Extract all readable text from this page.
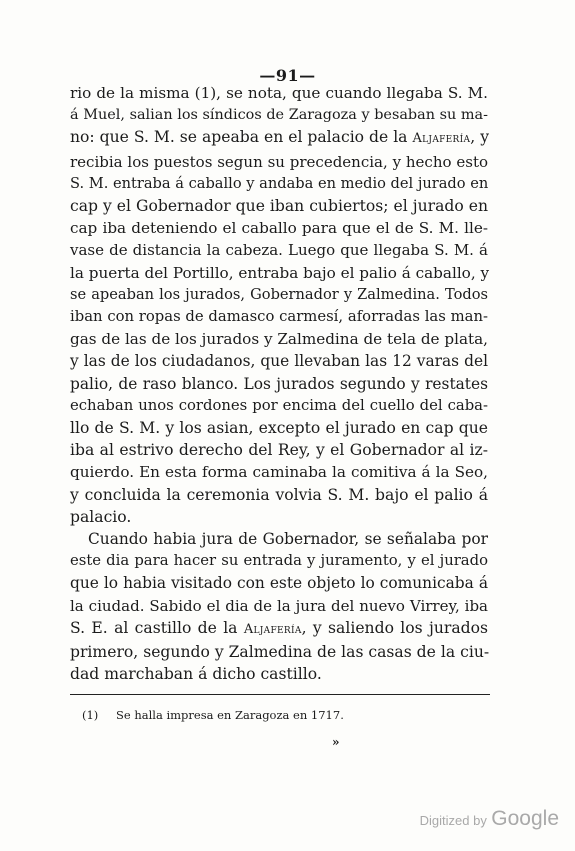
—91—
rio de la misma (1), se nota, que cuando llegaba S. M.
á Muel, salian los síndicos de Zaragoza y besaban su ma-
no: que S. M. se apeaba en el palacio de la Aljafería, y
recibia los puestos segun su precedencia, y hecho esto
S. M. entraba á caballo y andaba en medio del jurado en
cap y el Gobernador que iban cubiertos; el jurado en
cap iba deteniendo el caballo para que el de S. M. lle-
vase de distancia la cabeza. Luego que llegaba S. M. á
la puerta del Portillo, entraba bajo el palio á caballo, y
se apeaban los jurados, Gobernador y Zalmedina. Todos
iban con ropas de damasco carmesí, aforradas las man-
gas de las de los jurados y Zalmedina de tela de plata,
y las de los ciudadanos, que llevaban las 12 varas del
palio, de raso blanco. Los jurados segundo y restates
echaban unos cordones por encima del cuello del caba-
llo de S. M. y los asian, excepto el jurado en cap que
iba al estrivo derecho del Rey, y el Gobernador al iz-
quierdo. En esta forma caminaba la comitiva á la Seo,
y concluida la ceremonia volvia S. M. bajo el palio á
palacio.
Cuando habia jura de Gobernador, se señalaba por
este dia para hacer su entrada y juramento, y el jurado
que lo habia visitado con este objeto lo comunicaba á
la ciudad. Sabido el dia de la jura del nuevo Virrey, iba
S. E. al castillo de la Aljafería, y saliendo los jurados
primero, segundo y Zalmedina de las casas de la ciu-
dad marchaban á dicho castillo.
(1) Se halla impresa en Zaragoza en 1717.
»
Digitized by Google
